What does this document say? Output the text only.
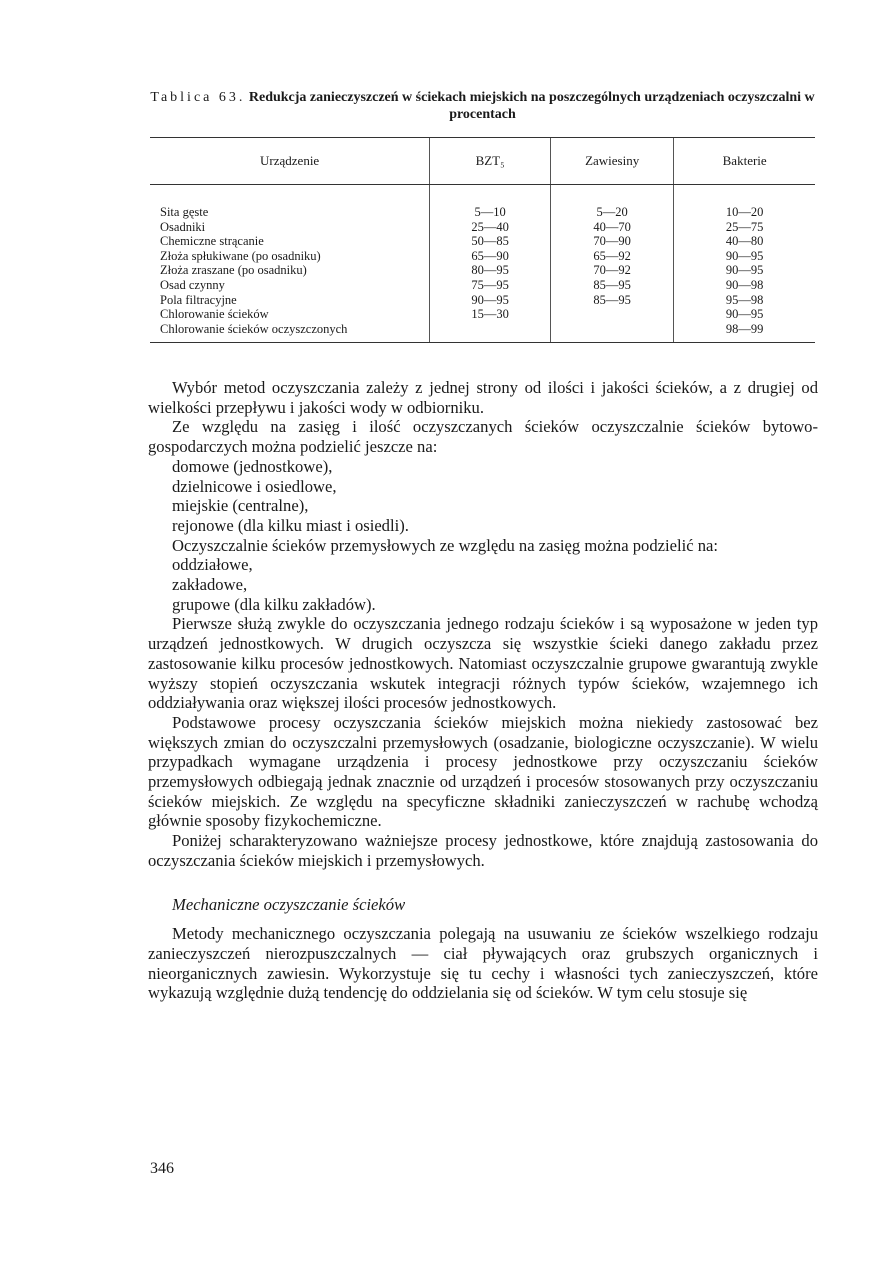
Tablica 63. Redukcja zanieczyszczeń w ściekach miejskich na poszczególnych urządzeniach oczyszczalni w procentach
Urządzenie	BZT₅	Zawiesiny	Bakterie
Sita gęste	5—10	5—20	10—20
Osadniki	25—40	40—70	25—75
Chemiczne strącanie	50—85	70—90	40—80
Złoża spłukiwane (po osadniku)	65—90	65—92	90—95
Złoża zraszane (po osadniku)	80—95	70—92	90—95
Osad czynny	75—95	85—95	90—98
Pola filtracyjne	90—95	85—95	95—98
Chlorowanie ścieków	15—30		90—95
Chlorowanie ścieków oczyszczonych			98—99

Wybór metod oczyszczania zależy z jednej strony od ilości i jakości ścieków, a z drugiej od wielkości przepływu i jakości wody w odbiorniku.

Ze względu na zasięg i ilość oczyszczanych ścieków oczyszczalnie ścieków bytowo-gospodarczych można podzielić jeszcze na:

domowe (jednostkowe),
dzielnicowe i osiedlowe,
miejskie (centralne),
rejonowe (dla kilku miast i osiedli).

Oczyszczalnie ścieków przemysłowych ze względu na zasięg można podzielić na:

oddziałowe,
zakładowe,
grupowe (dla kilku zakładów).

Pierwsze służą zwykle do oczyszczania jednego rodzaju ścieków i są wyposażone w jeden typ urządzeń jednostkowych. W drugich oczyszcza się wszystkie ścieki danego zakładu przez zastosowanie kilku procesów jednostkowych. Natomiast oczyszczalnie grupowe gwarantują zwykle wyższy stopień oczyszczania wskutek integracji różnych typów ścieków, wzajemnego ich oddziaływania oraz większej ilości procesów jednostkowych.

Podstawowe procesy oczyszczania ścieków miejskich można niekiedy zastosować bez większych zmian do oczyszczalni przemysłowych (osadzanie, biologiczne oczyszczanie). W wielu przypadkach wymagane urządzenia i procesy jednostkowe przy oczyszczaniu ścieków przemysłowych odbiegają jednak znacznie od urządzeń i procesów stosowanych przy oczyszczaniu ścieków miejskich. Ze względu na specyficzne składniki zanieczyszczeń w rachubę wchodzą głównie sposoby fizykochemiczne.

Poniżej scharakteryzowano ważniejsze procesy jednostkowe, które znajdują zastosowania do oczyszczania ścieków miejskich i przemysłowych.

Mechaniczne oczyszczanie ścieków

Metody mechanicznego oczyszczania polegają na usuwaniu ze ścieków wszelkiego rodzaju zanieczyszczeń nierozpuszczalnych — ciał pływających oraz grubszych organicznych i nieorganicznych zawiesin. Wykorzystuje się tu cechy i własności tych zanieczyszczeń, które wykazują względnie dużą tendencję do oddzielania się od ścieków. W tym celu stosuje się

346
